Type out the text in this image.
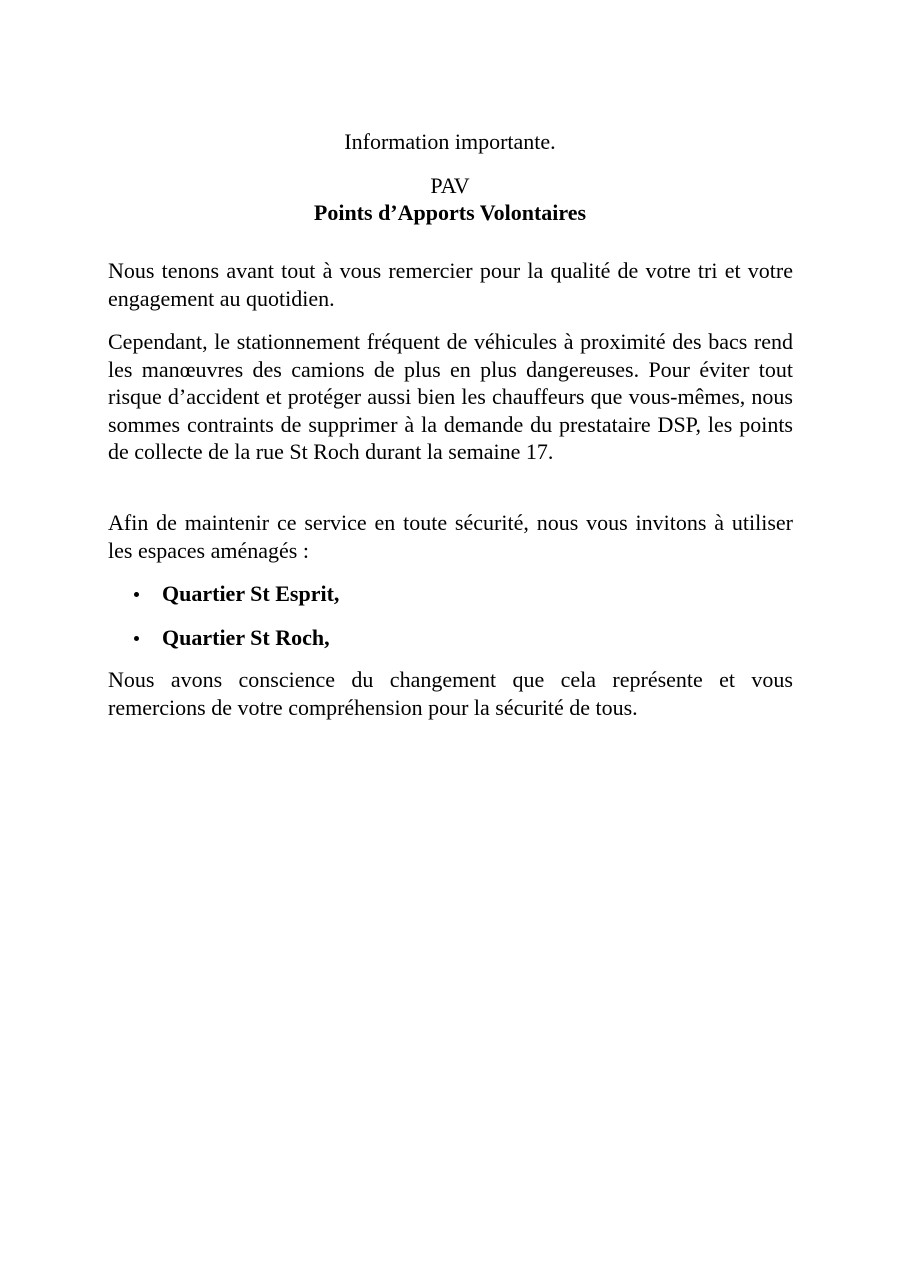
Information importante.

PAV

Points d’Apports Volontaires

Nous tenons avant tout à vous remercier pour la qualité de votre tri et votre engagement au quotidien.

Cependant, le stationnement fréquent de véhicules à proximité des bacs rend les manœuvres des camions de plus en plus dangereuses. Pour éviter tout risque d’accident et protéger aussi bien les chauffeurs que vous-mêmes, nous sommes contraints de supprimer à la demande du prestataire DSP, les points de collecte de la rue St Roch durant la semaine 17.

Afin de maintenir ce service en toute sécurité, nous vous invitons à utiliser les espaces aménagés :

Quartier St Esprit,
Quartier St Roch,

Nous avons conscience du changement que cela représente et vous remercions de votre compréhension pour la sécurité de tous.
